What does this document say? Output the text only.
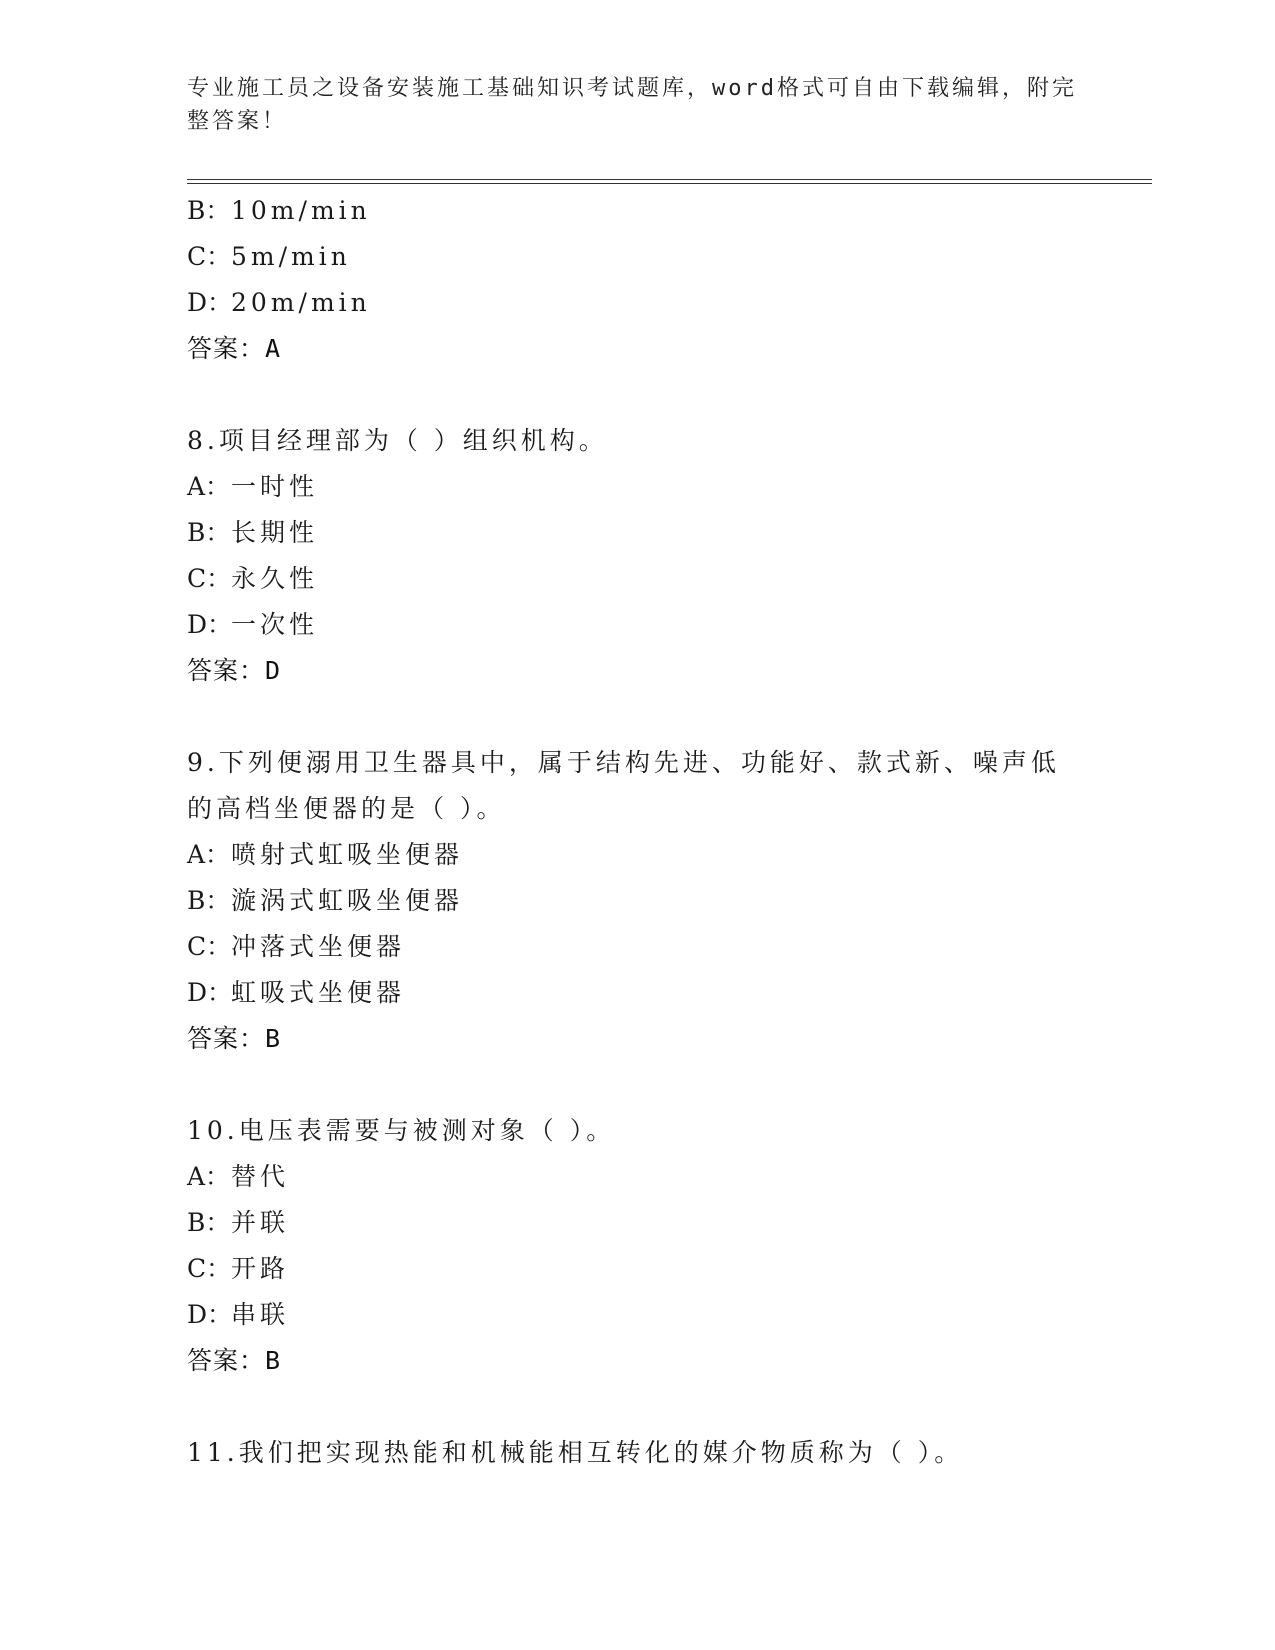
专业施工员之设备安装施工基础知识考试题库，word格式可自由下载编辑，附完
整答案！
B：10m/min
C：5m/min
D：20m/min
答案：A
8.项目经理部为（ ）组织机构。
A：一时性
B：长期性
C：永久性
D：一次性
答案：D
9.下列便溺用卫生器具中，属于结构先进、功能好、款式新、噪声低
的高档坐便器的是（ ）。
A：喷射式虹吸坐便器
B：漩涡式虹吸坐便器
C：冲落式坐便器
D：虹吸式坐便器
答案：B
10.电压表需要与被测对象（ ）。
A：替代
B：并联
C：开路
D：串联
答案：B
11.我们把实现热能和机械能相互转化的媒介物质称为（ ）。
